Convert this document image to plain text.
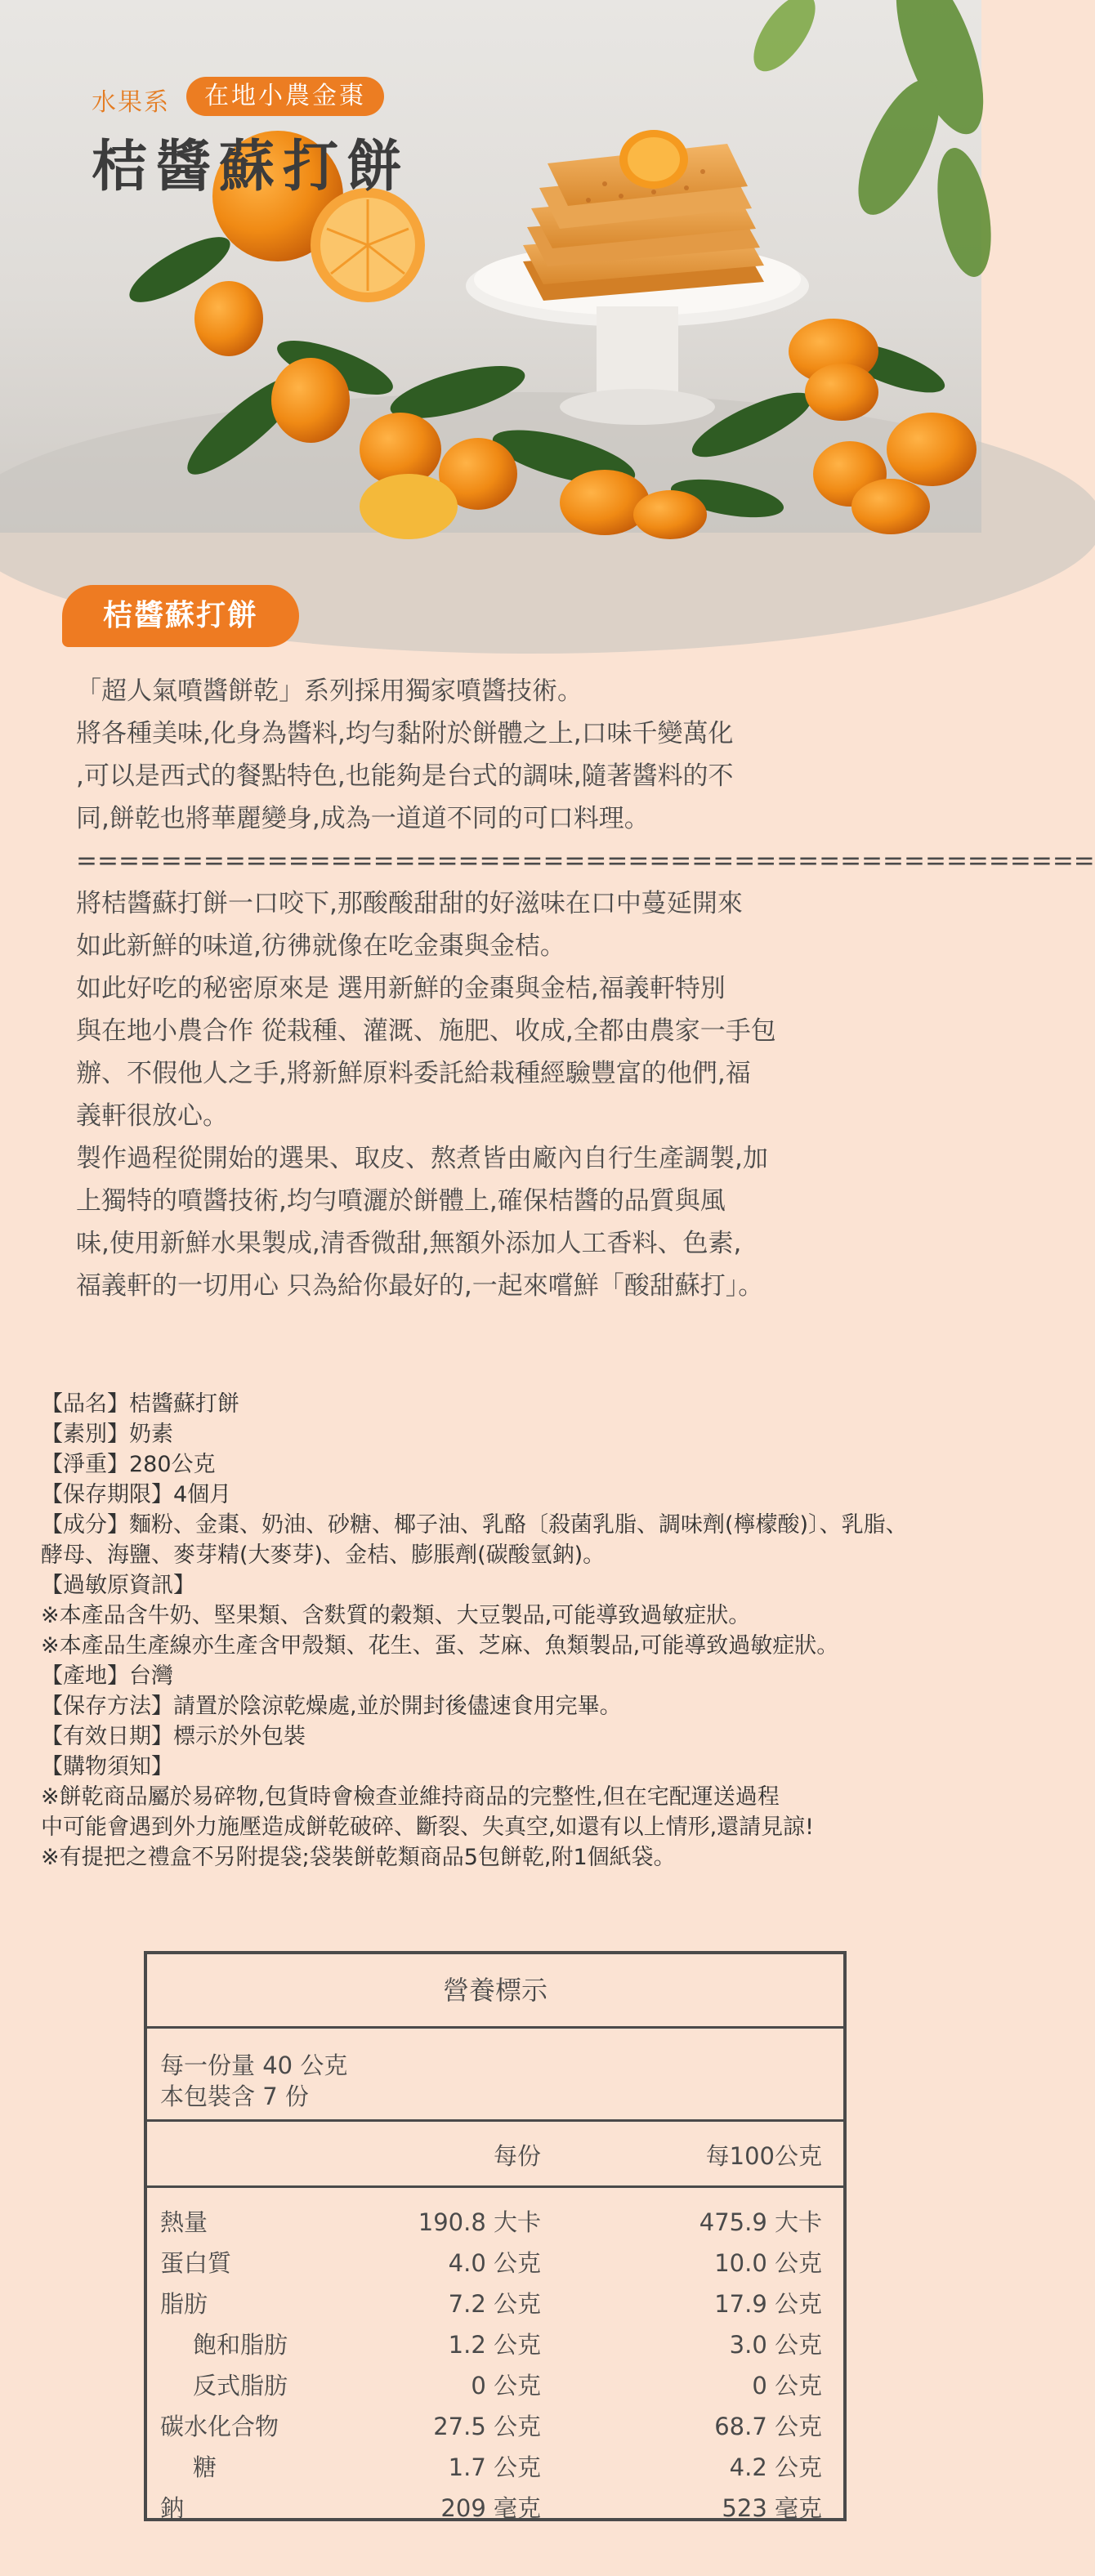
水果系	在地小農金棗
桔醬蘇打餅
桔醬蘇打餅

「超人氣噴醬餅乾」系列採用獨家噴醬技術。

將各種美味,化身為醬料,均勻黏附於餅體之上,口味千變萬化

,可以是西式的餐點特色,也能夠是台式的調味,隨著醬料的不

同,餅乾也將華麗變身,成為一道道不同的可口料理。

================================================

將桔醬蘇打餅一口咬下,那酸酸甜甜的好滋味在口中蔓延開來

如此新鮮的味道,彷彿就像在吃金棗與金桔。

如此好吃的秘密原來是 選用新鮮的金棗與金桔,福義軒特別

與在地小農合作 從栽種、灌溉、施肥、收成,全都由農家一手包

辦、不假他人之手,將新鮮原料委託給栽種經驗豐富的他們,福

義軒很放心。

製作過程從開始的選果、取皮、熬煮皆由廠內自行生產調製,加

上獨特的噴醬技術,均勻噴灑於餅體上,確保桔醬的品質與風

味,使用新鮮水果製成,清香微甜,無額外添加人工香料、色素,

福義軒的一切用心 只為給你最好的,一起來嚐鮮「酸甜蘇打」。

【品名】桔醬蘇打餅

【素別】奶素

【淨重】280公克

【保存期限】4個月

【成分】麵粉、金棗、奶油、砂糖、椰子油、乳酪〔殺菌乳脂、調味劑(檸檬酸)〕、乳脂、

酵母、海鹽、麥芽精(大麥芽)、金桔、膨脹劑(碳酸氫鈉)。

【過敏原資訊】

※本產品含牛奶、堅果類、含麩質的穀類、大豆製品,可能導致過敏症狀。

※本產品生產線亦生產含甲殼類、花生、蛋、芝麻、魚類製品,可能導致過敏症狀。

【產地】台灣

【保存方法】請置於陰涼乾燥處,並於開封後儘速食用完畢。

【有效日期】標示於外包裝

【購物須知】

※餅乾商品屬於易碎物,包貨時會檢查並維持商品的完整性,但在宅配運送過程

中可能會遇到外力施壓造成餅乾破碎、斷裂、失真空,如還有以上情形,還請見諒!

※有提把之禮盒不另附提袋;袋裝餅乾類商品5包餅乾,附1個紙袋。

營養標示
每一份量 40 公克
本包裝含 7 份
每份	每100公克
熱量	190.8 大卡	475.9 大卡
蛋白質	4.0 公克	10.0 公克
脂肪	7.2 公克	17.9 公克
飽和脂肪	1.2 公克	3.0 公克
反式脂肪	0 公克	0 公克
碳水化合物	27.5 公克	68.7 公克
糖	1.7 公克	4.2 公克
鈉	209 毫克	523 毫克
